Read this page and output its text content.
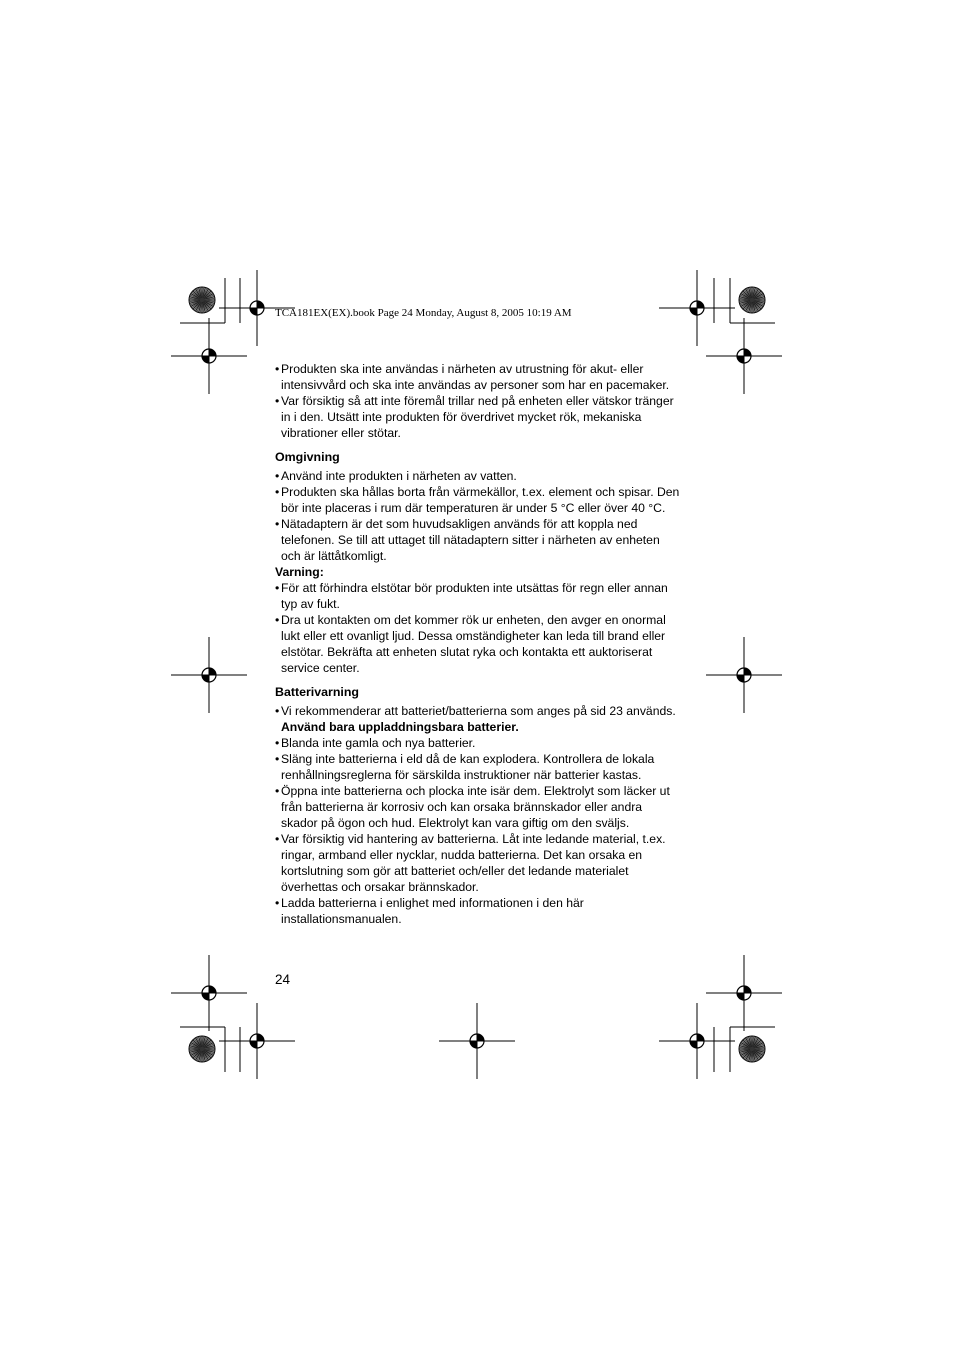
TCA181EX(EX).book Page 24 Monday, August 8, 2005 10:19 AM
• Produkten ska inte användas i närheten av utrustning för akut- eller intensivvård och ska inte användas av personer som har en pacemaker.
• Var försiktig så att inte föremål trillar ned på enheten eller vätskor tränger in i den. Utsätt inte produkten för överdrivet mycket rök, mekaniska vibrationer eller stötar.
Omgivning
• Använd inte produkten i närheten av vatten.
• Produkten ska hållas borta från värmekällor, t.ex. element och spisar. Den bör inte placeras i rum där temperaturen är under 5 °C eller över 40 °C.
• Nätadaptern är det som huvudsakligen används för att koppla ned telefonen. Se till att uttaget till nätadaptern sitter i närheten av enheten och är lättåtkomligt.
Varning:
• För att förhindra elstötar bör produkten inte utsättas för regn eller annan typ av fukt.
• Dra ut kontakten om det kommer rök ur enheten, den avger en onormal lukt eller ett ovanligt ljud. Dessa omständigheter kan leda till brand eller elstötar. Bekräfta att enheten slutat ryka och kontakta ett auktoriserat service center.
Batterivarning
• Vi rekommenderar att batteriet/batterierna som anges på sid 23 används.
Använd bara uppladdningsbara batterier.
• Blanda inte gamla och nya batterier.
• Släng inte batterierna i eld då de kan explodera. Kontrollera de lokala renhållningsreglerna för särskilda instruktioner när batterier kastas.
• Öppna inte batterierna och plocka inte isär dem. Elektrolyt som läcker ut från batterierna är korrosiv och kan orsaka brännskador eller andra skador på ögon och hud. Elektrolyt kan vara giftig om den sväljs.
• Var försiktig vid hantering av batterierna. Låt inte ledande material, t.ex. ringar, armband eller nycklar, nudda batterierna. Det kan orsaka en kortslutning som gör att batteriet och/eller det ledande materialet överhettas och orsakar brännskador.
• Ladda batterierna i enlighet med informationen i den här installationsmanualen.
24
